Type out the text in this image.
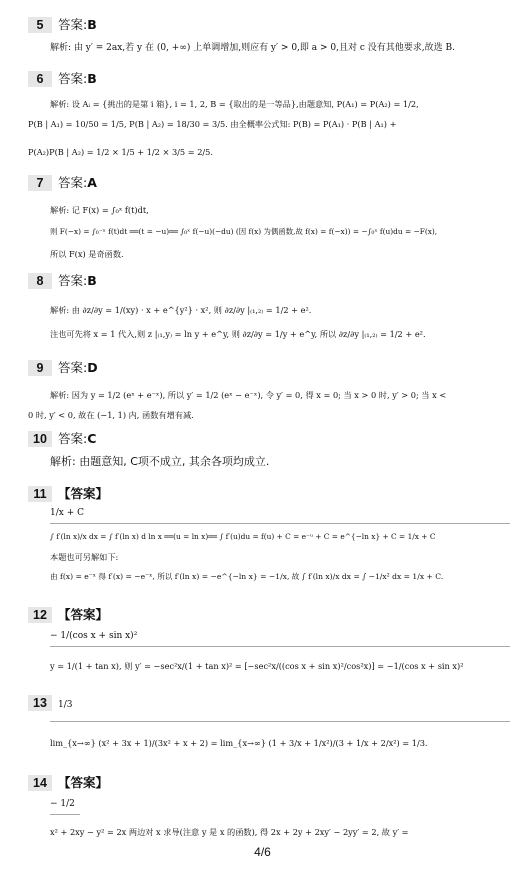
5 答案:B
解析: 由 y′ = 2ax,若 y 在 (0, +∞) 上单调增加,则应有 y′ > 0,即 a > 0,且对 c 没有其他要求,故选 B.
6 答案:B
解析: 设 Aᵢ = {挑出的是第 i 箱}, i = 1, 2, B = {取出的是一等品},由题意知, P(A₁) = P(A₂) = 1/2,
P(B | A₁) = 10/50 = 1/5, P(B | A₂) = 18/30 = 3/5. 由全概率公式知: P(B) = P(A₁) · P(B | A₁) +
P(A₂)P(B | A₂) = 1/2 × 1/5 + 1/2 × 3/5 = 2/5.
7 答案:A
解析: 记 F(x) = ∫₀ˣ f(t)dt,
则 F(−x) = ∫₀⁻ˣ f(t)dt ══(t = −u)══ ∫₀ˣ f(−u)(−du) (因 f(x) 为偶函数,故 f(x) = f(−x)) = −∫₀ˣ f(u)du = −F(x),
所以 F(x) 是奇函数.
8 答案:B
解析: 由 ∂z/∂y = 1/(xy) · x + e^{y²} · x², 则 ∂z/∂y |₍₁,₂₎ = 1/2 + e².
注也可先将 x = 1 代入,则 z |₍₁,y₎ = ln y + e^y, 则 ∂z/∂y = 1/y + e^y, 所以 ∂z/∂y |₍₁,₂₎ = 1/2 + e².
9 答案:D
解析: 因为 y = 1/2 (eˣ + e⁻ˣ), 所以 y′ = 1/2 (eˣ − e⁻ˣ), 令 y′ = 0, 得 x = 0; 当 x > 0 时, y′ > 0; 当 x <
0 时, y′ < 0, 故在 (−1, 1) 内, 函数有增有减.
10 答案:C
解析: 由题意知, C项不成立, 其余各项均成立.
11 【答案】
1/x + C
∫ f′(ln x)/x dx = ∫ f′(ln x) d ln x ══(u = ln x)══ ∫ f′(u)du = f(u) + C = e⁻ᵘ + C = e^{−ln x} + C = 1/x + C
本题也可另解如下:
由 f(x) = e⁻ˣ 得 f′(x) = −e⁻ˣ, 所以 f′(ln x) = −e^{−ln x} = −1/x, 故 ∫ f′(ln x)/x dx = ∫ −1/x² dx = 1/x + C.
12 【答案】
− 1/(cos x + sin x)²
y = 1/(1 + tan x), 则 y′ = −sec²x/(1 + tan x)² = [−sec²x/((cos x + sin x)²/cos²x)] = −1/(cos x + sin x)²
13 1/3
lim_{x→∞} (x² + 3x + 1)/(3x² + x + 2) = lim_{x→∞} (1 + 3/x + 1/x²)/(3 + 1/x + 2/x²) = 1/3.
14 【答案】
− 1/2
x² + 2xy − y² = 2x 两边对 x 求导(注意 y 是 x 的函数), 得 2x + 2y + 2xy′ − 2yy′ = 2, 故 y′ =
4/6
